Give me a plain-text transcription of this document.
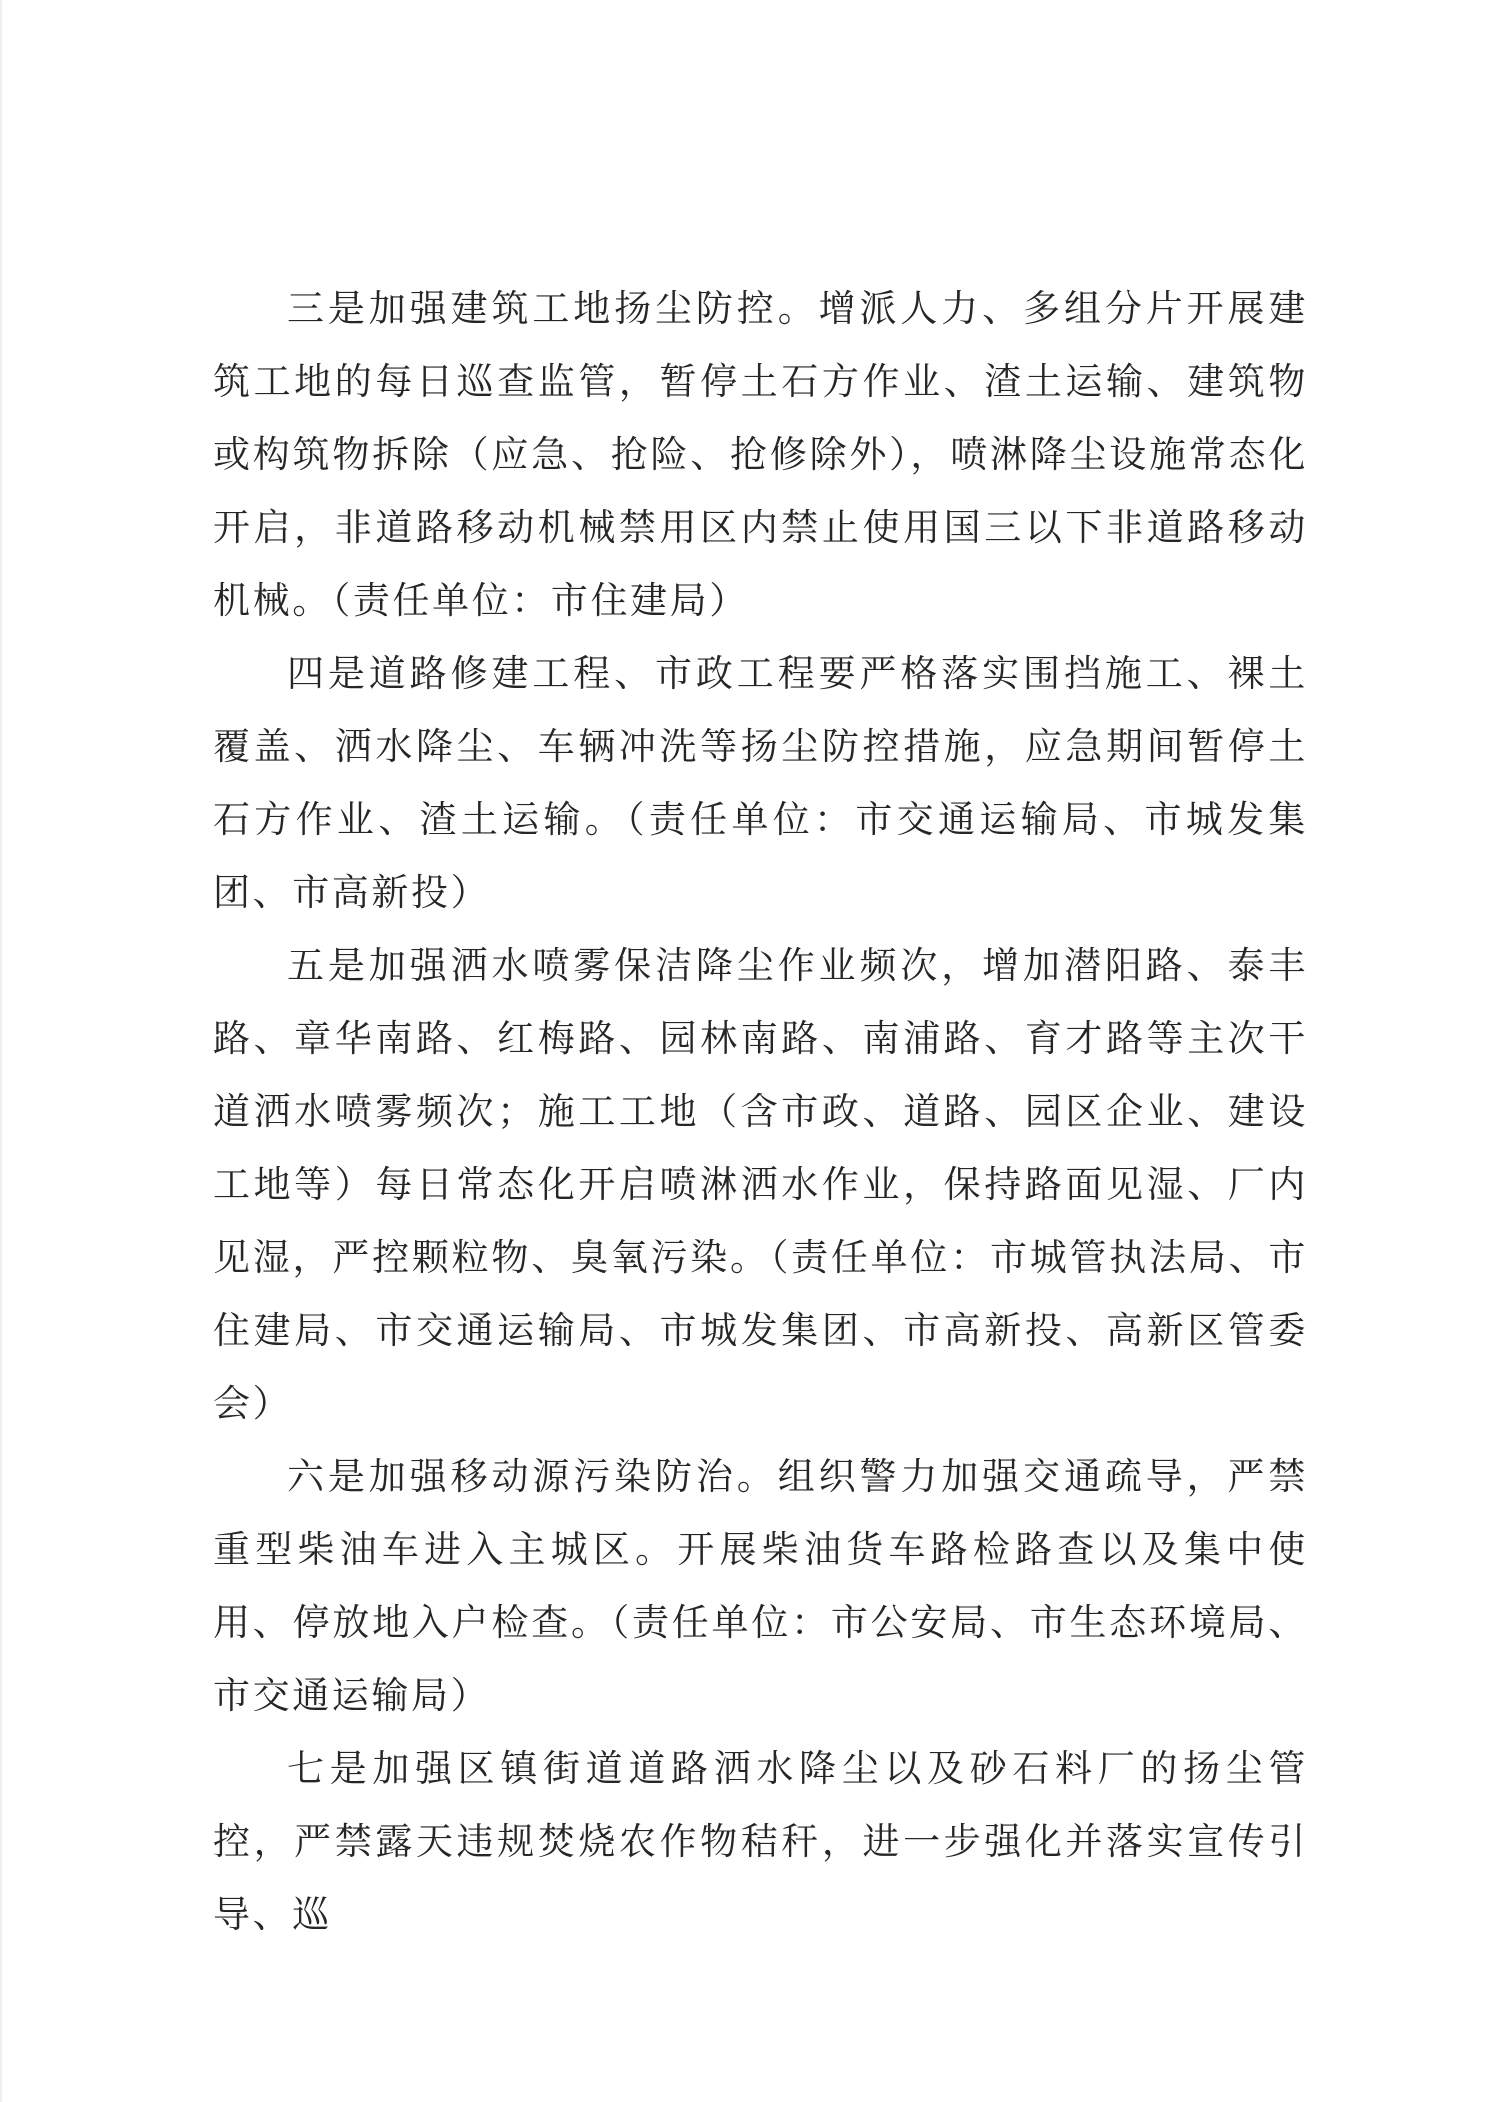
三是加强建筑工地扬尘防控。增派人力、多组分片开展建筑工地的每日巡查监管，暂停土石方作业、渣土运输、建筑物或构筑物拆除（应急、抢险、抢修除外），喷淋降尘设施常态化开启，非道路移动机械禁用区内禁止使用国三以下非道路移动机械。（责任单位：市住建局）

四是道路修建工程、市政工程要严格落实围挡施工、裸土覆盖、洒水降尘、车辆冲洗等扬尘防控措施，应急期间暂停土石方作业、渣土运输。（责任单位：市交通运输局、市城发集团、市高新投）

五是加强洒水喷雾保洁降尘作业频次，增加潜阳路、泰丰路、章华南路、红梅路、园林南路、南浦路、育才路等主次干道洒水喷雾频次；施工工地（含市政、道路、园区企业、建设工地等）每日常态化开启喷淋洒水作业，保持路面见湿、厂内见湿，严控颗粒物、臭氧污染。（责任单位：市城管执法局、市住建局、市交通运输局、市城发集团、市高新投、高新区管委会）

六是加强移动源污染防治。组织警力加强交通疏导，严禁重型柴油车进入主城区。开展柴油货车路检路查以及集中使用、停放地入户检查。（责任单位：市公安局、市生态环境局、市交通运输局）

七是加强区镇街道道路洒水降尘以及砂石料厂的扬尘管控，严禁露天违规焚烧农作物秸秆，进一步强化并落实宣传引导、巡
